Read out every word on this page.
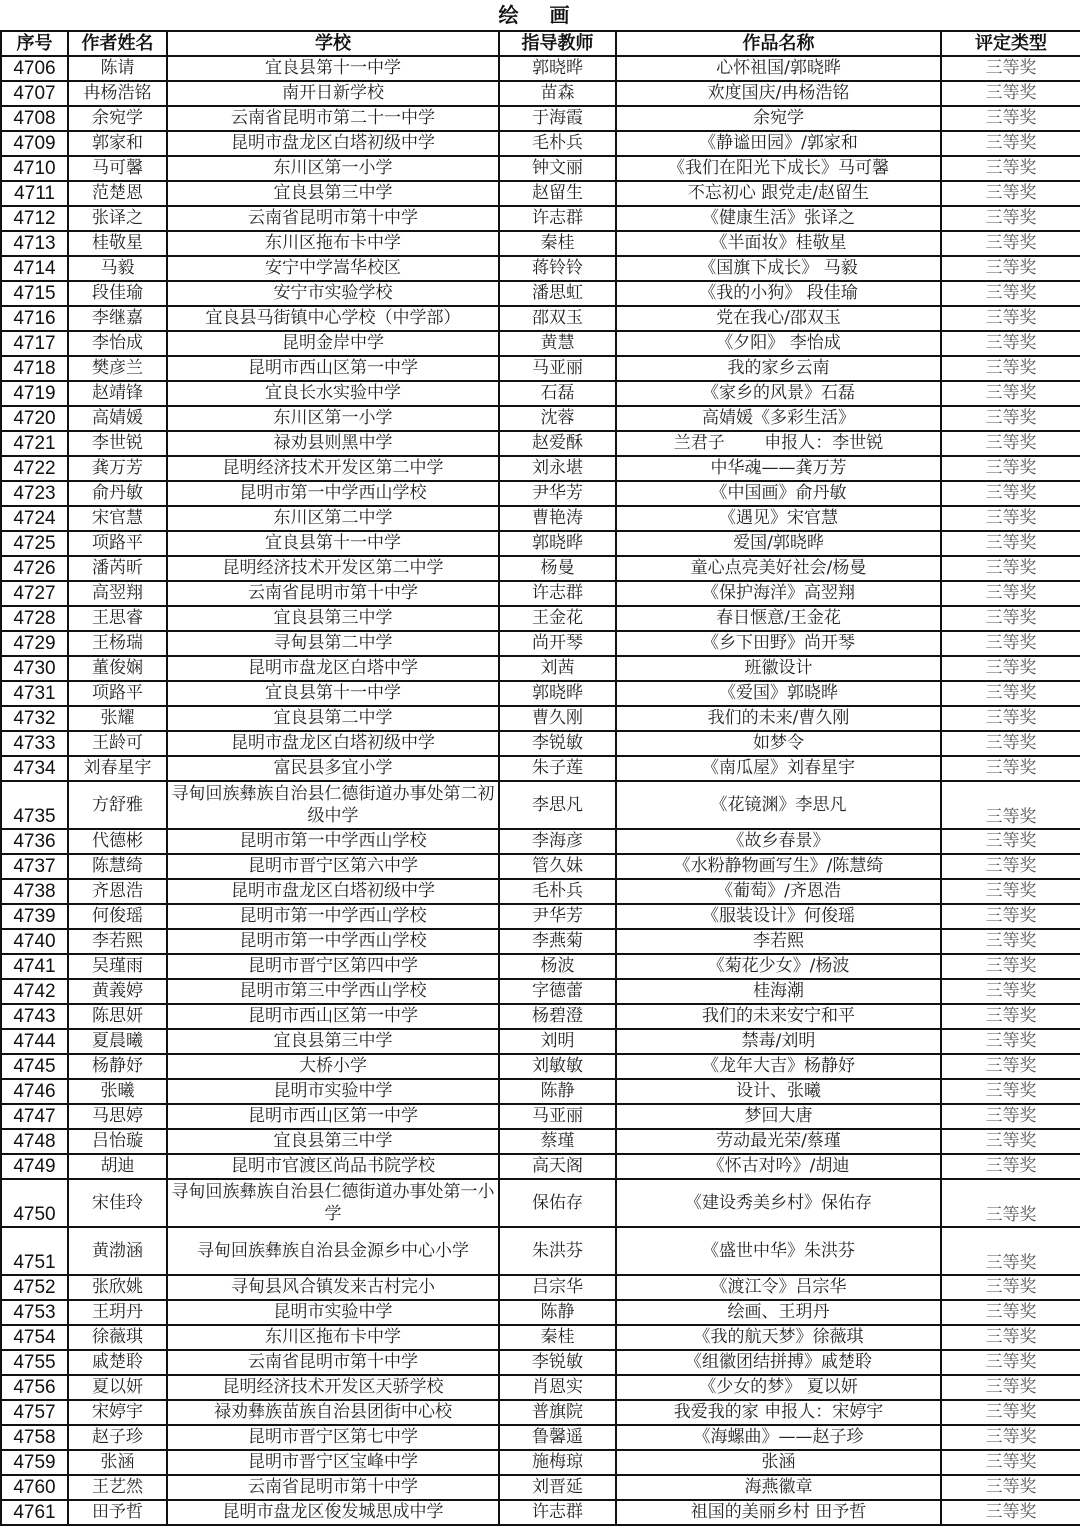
绘 画
序号	作者姓名	学校	指导教师	作品名称	评定类型
4706	陈请	宜良县第十一中学	郭晓晔	心怀祖国/郭晓晔	三等奖
4707	冉杨浩铭	南开日新学校	苗森	欢度国庆/冉杨浩铭	三等奖
4708	余宛学	云南省昆明市第二十一中学	于海霞	余宛学	三等奖
4709	郭家和	昆明市盘龙区白塔初级中学	毛朴兵	《静谧田园》/郭家和	三等奖
4710	马可馨	东川区第一小学	钟文丽	《我们在阳光下成长》马可馨	三等奖
4711	范楚恩	宜良县第三中学	赵留生	不忘初心 跟党走/赵留生	三等奖
4712	张译之	云南省昆明市第十中学	许志群	《健康生活》张译之	三等奖
4713	桂敬星	东川区拖布卡中学	秦桂	《半面妆》桂敬星	三等奖
4714	马毅	安宁中学嵩华校区	蒋铃铃	《国旗下成长》 马毅	三等奖
4715	段佳瑜	安宁市实验学校	潘思虹	《我的小狗》 段佳瑜	三等奖
4716	李继嘉	宜良县马街镇中心学校（中学部）	邵双玉	党在我心/邵双玉	三等奖
4717	李怡成	昆明金岸中学	黄慧	《夕阳》 李怡成	三等奖
4718	樊彦兰	昆明市西山区第一中学	马亚丽	我的家乡云南	三等奖
4719	赵靖锋	宜良长水实验中学	石磊	《家乡的风景》石磊	三等奖
4720	高婧媛	东川区第一小学	沈蓉	高婧媛《多彩生活》	三等奖
4721	李世锐	禄劝县则黑中学	赵爱酥	兰君子　　 申报人：李世锐	三等奖
4722	龚万芳	昆明经济技术开发区第二中学	刘永堪	中华魂——龚万芳	三等奖
4723	俞丹敏	昆明市第一中学西山学校	尹华芳	《中国画》俞丹敏	三等奖
4724	宋官慧	东川区第二中学	曹艳涛	《遇见》宋官慧	三等奖
4725	项路平	宜良县第十一中学	郭晓晔	爱国/郭晓晔	三等奖
4726	潘芮昕	昆明经济技术开发区第二中学	杨曼	童心点亮美好社会/杨曼	三等奖
4727	高翌翔	云南省昆明市第十中学	许志群	《保护海洋》高翌翔	三等奖
4728	王思睿	宜良县第三中学	王金花	春日惬意/王金花	三等奖
4729	王杨瑞	寻甸县第二中学	尚开琴	《乡下田野》尚开琴	三等奖
4730	董俊娴	昆明市盘龙区白塔中学	刘茜	班徽设计	三等奖
4731	项路平	宜良县第十一中学	郭晓晔	《爱国》郭晓晔	三等奖
4732	张耀	宜良县第二中学	曹久刚	我们的未来/曹久刚	三等奖
4733	王龄可	昆明市盘龙区白塔初级中学	李锐敏	如梦令	三等奖
4734	刘春星宇	富民县多宜小学	朱子莲	《南瓜屋》刘春星宇	三等奖
4735	方舒雅	寻甸回族彝族自治县仁德街道办事处第二初级中学	李思凡	《花镜渊》李思凡	三等奖
4736	代德彬	昆明市第一中学西山学校	李海彦	《故乡春景》	三等奖
4737	陈慧绮	昆明市晋宁区第六中学	管久妹	《水粉静物画写生》/陈慧绮	三等奖
4738	齐恩浩	昆明市盘龙区白塔初级中学	毛朴兵	《葡萄》/齐恩浩	三等奖
4739	何俊瑶	昆明市第一中学西山学校	尹华芳	《服装设计》何俊瑶	三等奖
4740	李若熙	昆明市第一中学西山学校	李燕菊	李若熙	三等奖
4741	吴瑾雨	昆明市晋宁区第四中学	杨波	《菊花少女》/杨波	三等奖
4742	黄義婷	昆明市第三中学西山学校	字德蕾	桂海潮	三等奖
4743	陈思妍	昆明市西山区第一中学	杨碧澄	我们的未来安宁和平	三等奖
4744	夏晨曦	宜良县第三中学	刘明	禁毒/刘明	三等奖
4745	杨静妤	大桥小学	刘敏敏	《龙年大吉》杨静妤	三等奖
4746	张曦	昆明市实验中学	陈静	设计、张曦	三等奖
4747	马思婷	昆明市西山区第一中学	马亚丽	梦回大唐	三等奖
4748	吕怡璇	宜良县第三中学	蔡瑾	劳动最光荣/蔡瑾	三等奖
4749	胡迪	昆明市官渡区尚品书院学校	高天阁	《怀古对吟》/胡迪	三等奖
4750	宋佳玲	寻甸回族彝族自治县仁德街道办事处第一小学	保佑存	《建设秀美乡村》保佑存	三等奖
4751	黄渤涵	寻甸回族彝族自治县金源乡中心小学	朱洪芬	《盛世中华》朱洪芬	三等奖
4752	张欣姚	寻甸县风合镇发来古村完小	吕宗华	《渡江令》吕宗华	三等奖
4753	王玥丹	昆明市实验中学	陈静	绘画、王玥丹	三等奖
4754	徐薇琪	东川区拖布卡中学	秦桂	《我的航天梦》徐薇琪	三等奖
4755	戚楚聆	云南省昆明市第十中学	李锐敏	《组徽团结拼搏》戚楚聆	三等奖
4756	夏以妍	昆明经济技术开发区天骄学校	肖恩实	《少女的梦》 夏以妍	三等奖
4757	宋婷宇	禄劝彝族苗族自治县团街中心校	普旗院	我爱我的家 申报人：宋婷宇	三等奖
4758	赵子珍	昆明市晋宁区第七中学	鲁馨遥	《海螺曲》——赵子珍	三等奖
4759	张涵	昆明市晋宁区宝峰中学	施梅琼	张涵	三等奖
4760	王艺然	云南省昆明市第十中学	刘晋延	海燕徽章	三等奖
4761	田予哲	昆明市盘龙区俊发城思成中学	许志群	祖国的美丽乡村 田予哲	三等奖
